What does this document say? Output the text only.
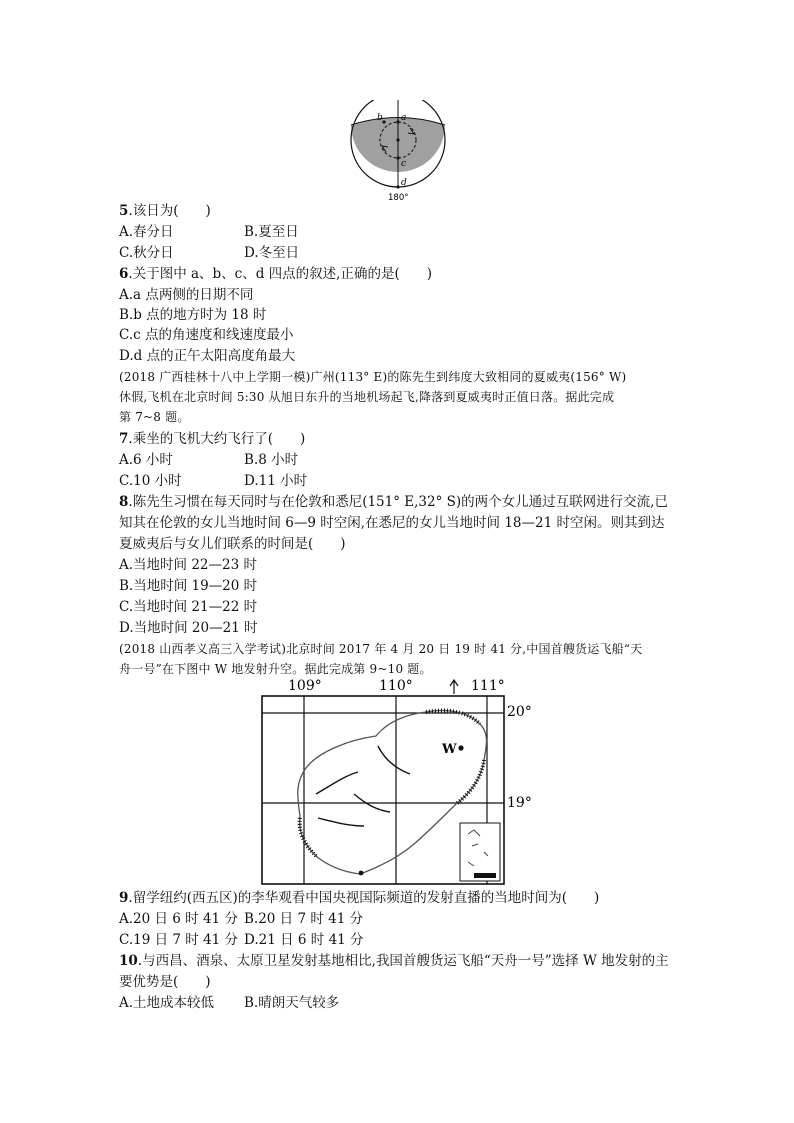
b a
c
d
180°
5.该日为(　　)
A.春分日	B.夏至日
C.秋分日	D.冬至日
6.关于图中 a、b、c、d 四点的叙述,正确的是(　　)
A.a 点两侧的日期不同
B.b 点的地方时为 18 时
C.c 点的角速度和线速度最小
D.d 点的正午太阳高度角最大
(2018 广西桂林十八中上学期一模)广州(113° E)的陈先生到纬度大致相同的夏威夷(156° W)
休假,飞机在北京时间 5:30 从旭日东升的当地机场起飞,降落到夏威夷时正值日落。据此完成
第 7~8 题。
7.乘坐的飞机大约飞行了(　　)
A.6 小时	B.8 小时
C.10 小时	D.11 小时
8.陈先生习惯在每天同时与在伦敦和悉尼(151° E,32° S)的两个女儿通过互联网进行交流,已
知其在伦敦的女儿当地时间 6—9 时空闲,在悉尼的女儿当地时间 18—21 时空闲。则其到达
夏威夷后与女儿们联系的时间是(　　)
A.当地时间 22—23 时
B.当地时间 19—20 时
C.当地时间 21—22 时
D.当地时间 20—21 时
(2018 山西孝义高三入学考试)北京时间 2017 年 4 月 20 日 19 时 41 分,中国首艘货运飞船“天
舟一号”在下图中 W 地发射升空。据此完成第 9~10 题。
109°	110°	111°
20°
19°
W
9.留学纽约(西五区)的李华观看中国央视国际频道的发射直播的当地时间为(　　)
A.20 日 6 时 41 分 B.20 日 7 时 41 分
C.19 日 7 时 41 分 D.21 日 6 时 41 分
10.与西昌、酒泉、太原卫星发射基地相比,我国首艘货运飞船“天舟一号”选择 W 地发射的主
要优势是(　　)
A.土地成本较低 B.晴朗天气较多
